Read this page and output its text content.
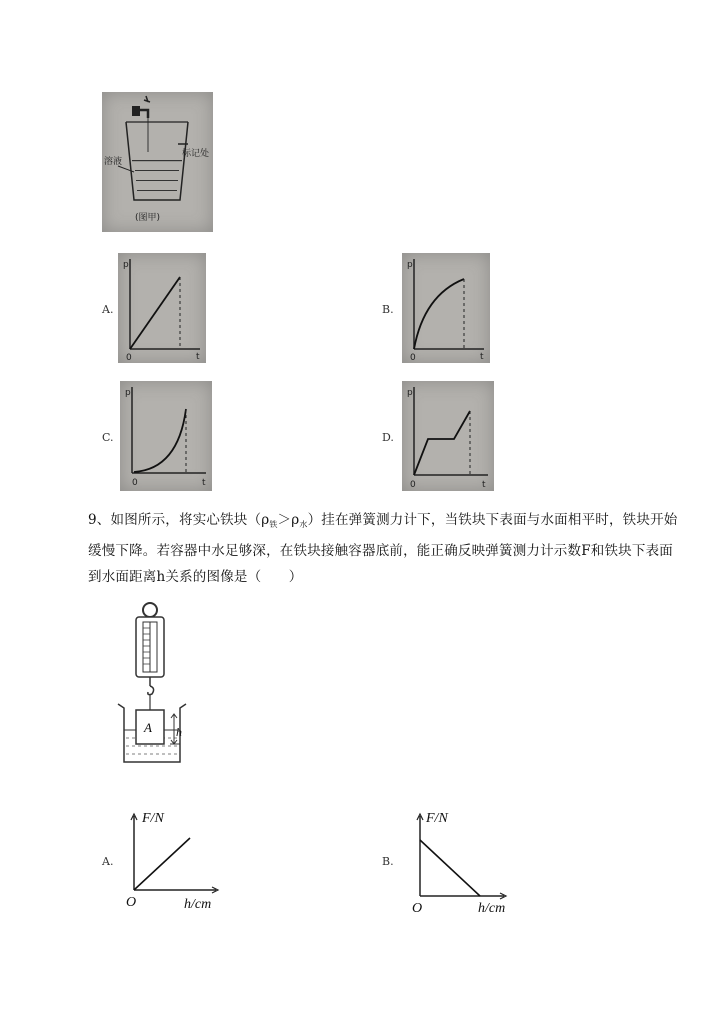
标记处
溶液
(图甲)
A.
p
t
0
B.
p
t
0
C.
p
t
0
D.
p
t
0
9、如图所示，将实心铁块$(\rho_铁>\rho_水)$挂在弹簧测力计下，当铁块下表面与水面相平时，铁块开始缓慢下降。若容器中水足够深，在铁块接触容器底前，能正确反映弹簧测力计示数F和铁块下表面到水面距离h关系的图像是（　　）
A h
A.
F/N
O	h/cm
B.
F/N
O	h/cm
